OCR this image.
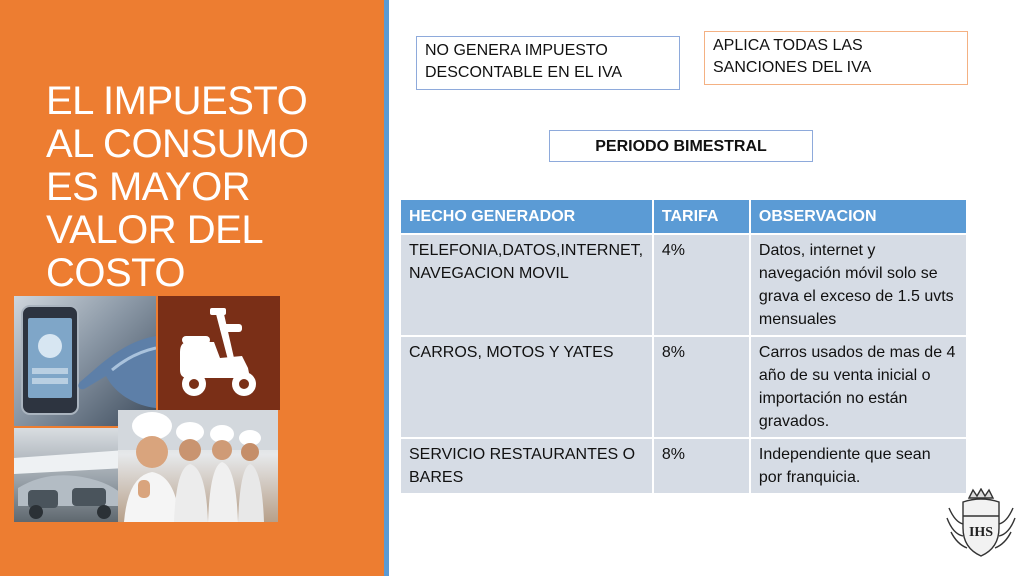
EL IMPUESTO
AL CONSUMO
ES MAYOR
VALOR DEL
COSTO
NO GENERA IMPUESTO DESCONTABLE EN EL IVA
APLICA TODAS LAS SANCIONES DEL IVA
PERIODO BIMESTRAL
HECHO GENERADOR	TARIFA	OBSERVACION
TELEFONIA,DATOS,INTERNET, NAVEGACION MOVIL	4%	Datos, internet y navegación móvil solo se grava el exceso de 1.5 uvts mensuales
CARROS, MOTOS Y YATES	8%	Carros usados de mas de 4 año de su venta inicial o importación no están gravados.
SERVICIO RESTAURANTES O BARES	8%	Independiente que sean por franquicia.
IHS
